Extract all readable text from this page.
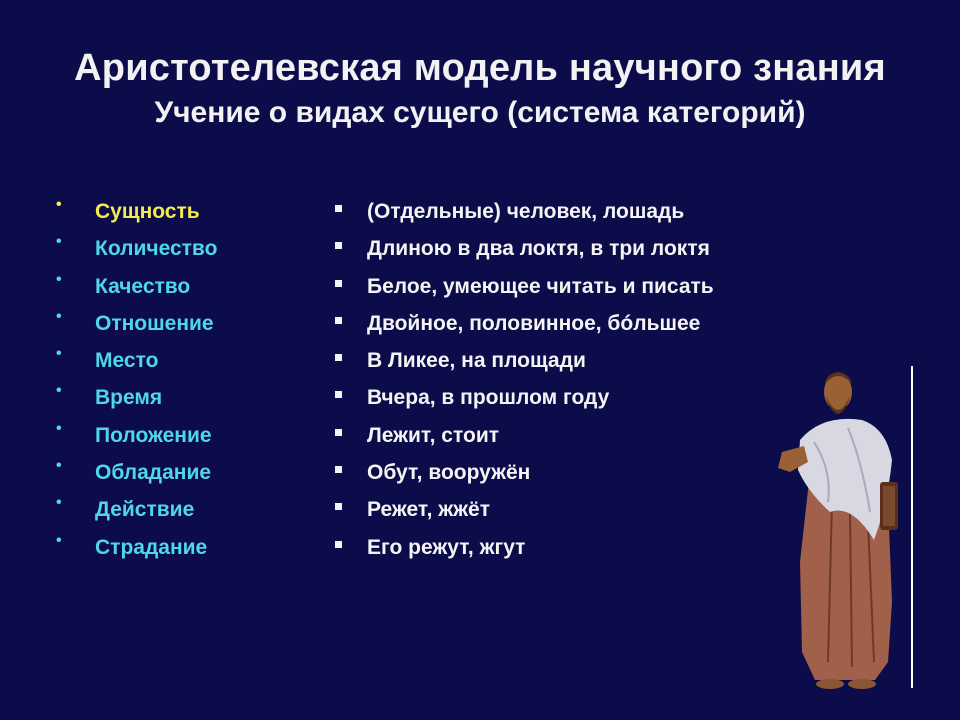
Аристотелевская модель научного знания
Учение о видах сущего (система категорий)
• Сущность
• Количество
• Качество
• Отношение
• Место
• Время
• Положение
• Обладание
• Действие
• Страдание
(Отдельные) человек, лошадь
Длиною в два локтя, в три локтя
Белое, умеющее читать и писать
Двойное, половинное, бóльшее
В Ликее, на площади
Вчера, в прошлом году
Лежит, стоит
Обут, вооружён
Режет, жжёт
Его режут, жгут
